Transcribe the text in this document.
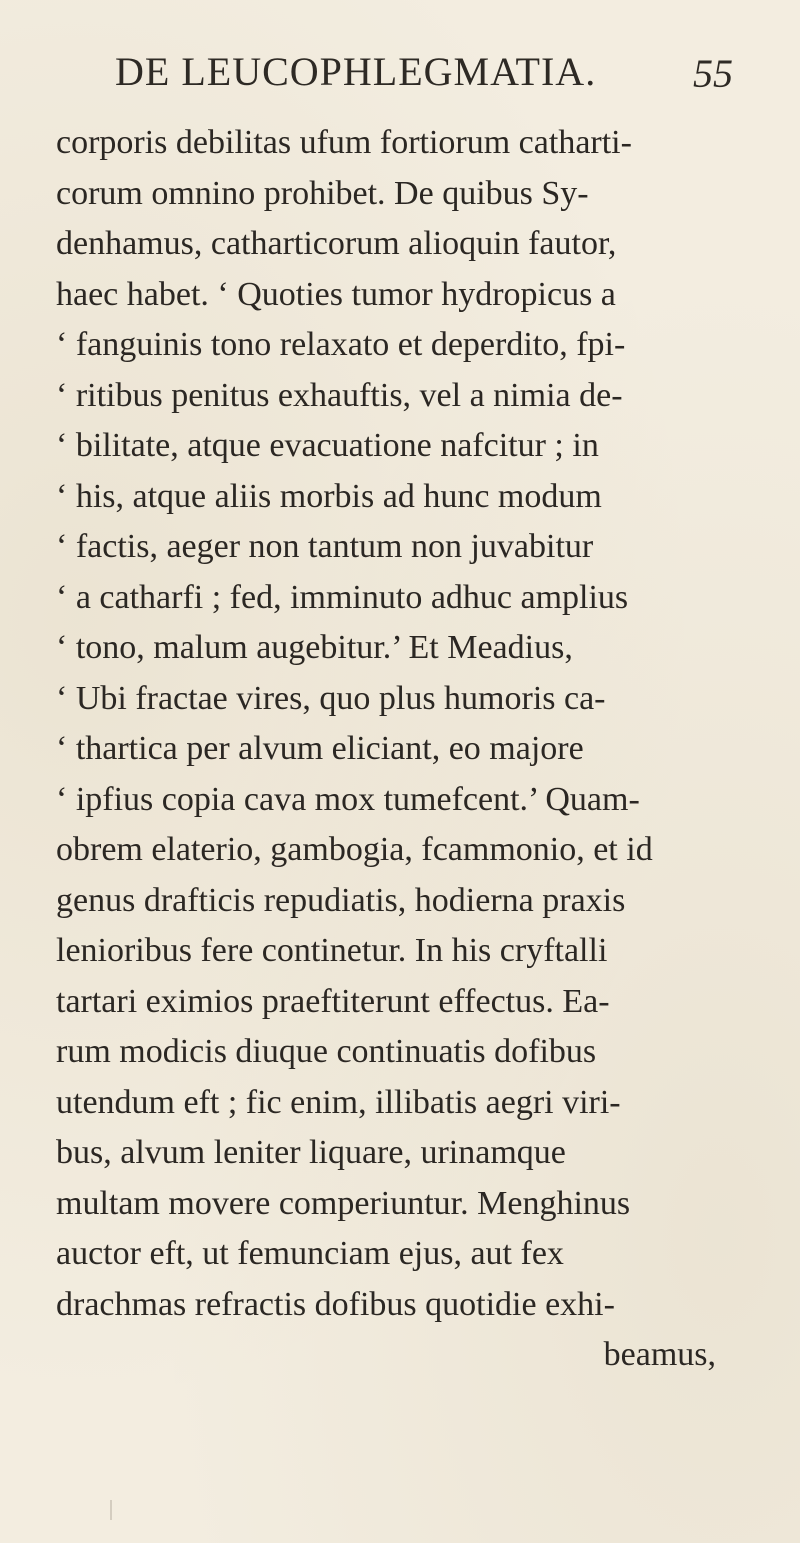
DE LEUCOPHLEGMATIA. 55
corporis debilitas ufum fortiorum catharti-
corum omnino prohibet. De quibus Sy-
denhamus, catharticorum alioquin fautor,
haec habet. ‘ Quoties tumor hydropicus a
‘ fanguinis tono relaxato et deperdito, fpi-
‘ ritibus penitus exhauftis, vel a nimia de-
‘ bilitate, atque evacuatione nafcitur ; in
‘ his, atque aliis morbis ad hunc modum
‘ factis, aeger non tantum non juvabitur
‘ a catharfi ; fed, imminuto adhuc amplius
‘ tono, malum augebitur.’ Et Meadius,
‘ Ubi fractae vires, quo plus humoris ca-
‘ thartica per alvum eliciant, eo majore
‘ ipfius copia cava mox tumefcent.’ Quam-
obrem elaterio, gambogia, fcammonio, et id
genus drafticis repudiatis, hodierna praxis
lenioribus fere continetur. In his cryftalli
tartari eximios praeftiterunt effectus. Ea-
rum modicis diuque continuatis dofibus
utendum eft ; fic enim, illibatis aegri viri-
bus, alvum leniter liquare, urinamque
multam movere comperiuntur. Menghinus
auctor eft, ut femunciam ejus, aut fex
drachmas refractis dofibus quotidie exhi-
beamus,
